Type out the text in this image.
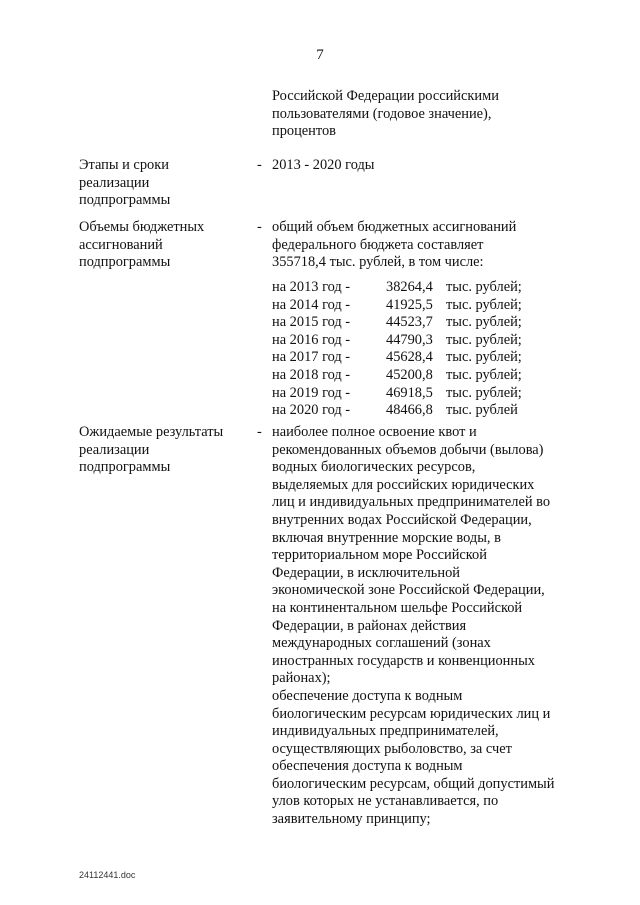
7
Российской Федерации российскими
пользователями (годовое значение),
процентов
Этапы и сроки
реализации
подпрограммы
- 2013 - 2020 годы
Объемы бюджетных
ассигнований
подпрограммы
- общий объем бюджетных ассигнований
федерального бюджета составляет
355718,4 тыс. рублей, в том числе:
на 2013 год -	38264,4	тыс. рублей;
на 2014 год -	41925,5	тыс. рублей;
на 2015 год -	44523,7	тыс. рублей;
на 2016 год -	44790,3	тыс. рублей;
на 2017 год -	45628,4	тыс. рублей;
на 2018 год -	45200,8	тыс. рублей;
на 2019 год -	46918,5	тыс. рублей;
на 2020 год -	48466,8	тыс. рублей
Ожидаемые результаты
реализации
подпрограммы
- наиболее полное освоение квот и
рекомендованных объемов добычи (вылова)
водных биологических ресурсов,
выделяемых для российских юридических
лиц и индивидуальных предпринимателей во
внутренних водах Российской Федерации,
включая внутренние морские воды, в
территориальном море Российской
Федерации, в исключительной
экономической зоне Российской Федерации,
на континентальном шельфе Российской
Федерации, в районах действия
международных соглашений (зонах
иностранных государств и конвенционных
районах);
обеспечение доступа к водным
биологическим ресурсам юридических лиц и
индивидуальных предпринимателей,
осуществляющих рыболовство, за счет
обеспечения доступа к водным
биологическим ресурсам, общий допустимый
улов которых не устанавливается, по
заявительному принципу;
24112441.doc
